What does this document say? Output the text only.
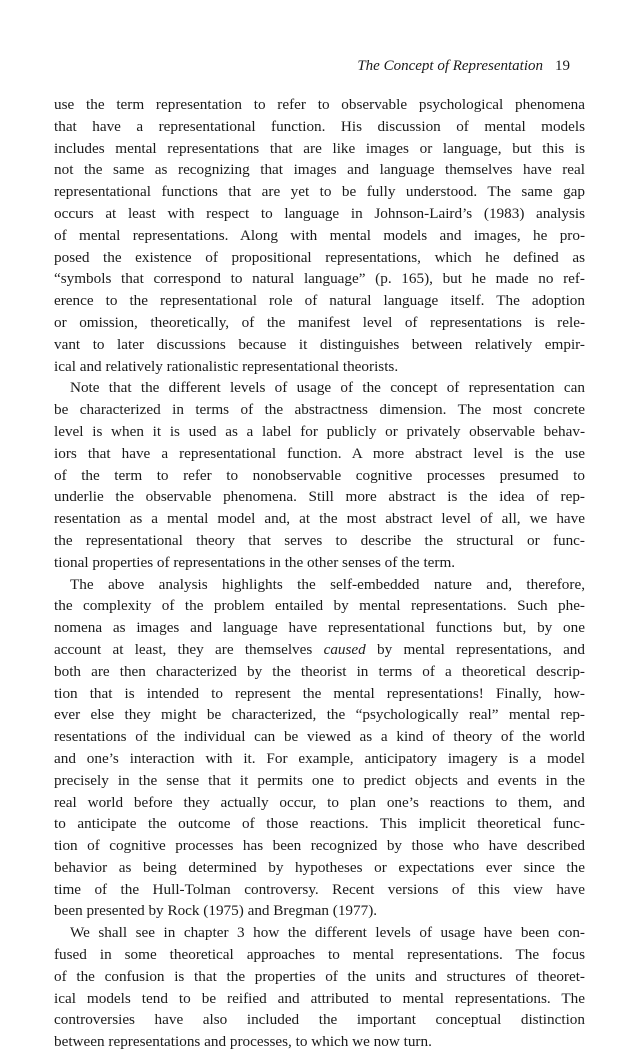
The Concept of Representation 19
use the term representation to refer to observable psychological phenomena
that have a representational function. His discussion of mental models
includes mental representations that are like images or language, but this is
not the same as recognizing that images and language themselves have real
representational functions that are yet to be fully understood. The same gap
occurs at least with respect to language in Johnson-Laird’s (1983) analysis
of mental representations. Along with mental models and images, he pro-
posed the existence of propositional representations, which he defined as
“symbols that correspond to natural language” (p. 165), but he made no ref-
erence to the representational role of natural language itself. The adoption
or omission, theoretically, of the manifest level of representations is rele-
vant to later discussions because it distinguishes between relatively empir-
ical and relatively rationalistic representational theorists.
Note that the different levels of usage of the concept of representation can
be characterized in terms of the abstractness dimension. The most concrete
level is when it is used as a label for publicly or privately observable behav-
iors that have a representational function. A more abstract level is the use
of the term to refer to nonobservable cognitive processes presumed to
underlie the observable phenomena. Still more abstract is the idea of rep-
resentation as a mental model and, at the most abstract level of all, we have
the representational theory that serves to describe the structural or func-
tional properties of representations in the other senses of the term.
The above analysis highlights the self-embedded nature and, therefore,
the complexity of the problem entailed by mental representations. Such phe-
nomena as images and language have representational functions but, by one
account at least, they are themselves caused by mental representations, and
both are then characterized by the theorist in terms of a theoretical descrip-
tion that is intended to represent the mental representations! Finally, how-
ever else they might be characterized, the “psychologically real” mental rep-
resentations of the individual can be viewed as a kind of theory of the world
and one’s interaction with it. For example, anticipatory imagery is a model
precisely in the sense that it permits one to predict objects and events in the
real world before they actually occur, to plan one’s reactions to them, and
to anticipate the outcome of those reactions. This implicit theoretical func-
tion of cognitive processes has been recognized by those who have described
behavior as being determined by hypotheses or expectations ever since the
time of the Hull-Tolman controversy. Recent versions of this view have
been presented by Rock (1975) and Bregman (1977).
We shall see in chapter 3 how the different levels of usage have been con-
fused in some theoretical approaches to mental representations. The focus
of the confusion is that the properties of the units and structures of theoret-
ical models tend to be reified and attributed to mental representations. The
controversies have also included the important conceptual distinction
between representations and processes, to which we now turn.
